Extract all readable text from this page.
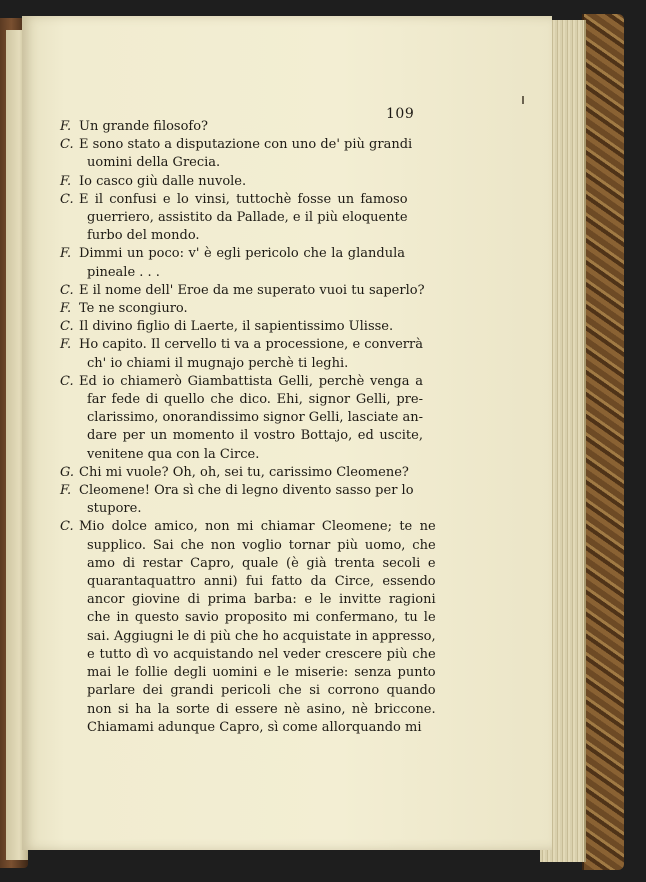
109
F. Un grande filosofo?
C. E sono stato a disputazione con uno de' più grandi
uomini della Grecia.
F. Io casco giù dalle nuvole.
C. E il confusi e lo vinsi, tuttochè fosse un famoso
guerriero, assistito da Pallade, e il più eloquente
furbo del mondo.
F. Dimmi un poco: v' è egli pericolo che la glandula
pineale . . .
C. E il nome dell' Eroe da me superato vuoi tu saperlo?
F. Te ne scongiuro.
C. Il divino figlio di Laerte, il sapientissimo Ulisse.
F. Ho capito. Il cervello ti va a processione, e converrà
ch' io chiami il mugnajo perchè ti leghi.
C. Ed io chiamerò Giambattista Gelli, perchè venga a
far fede di quello che dico. Ehi, signor Gelli, pre-
clarissimo, onorandissimo signor Gelli, lasciate an-
dare per un momento il vostro Bottajo, ed uscite,
venitene qua con la Circe.
G. Chi mi vuole? Oh, oh, sei tu, carissimo Cleomene?
F. Cleomene! Ora sì che di legno divento sasso per lo
stupore.
C. Mio dolce amico, non mi chiamar Cleomene; te ne
supplico. Sai che non voglio tornar più uomo, che
amo di restar Capro, quale (è già trenta secoli e
quarantaquattro anni) fui fatto da Circe, essendo
ancor giovine di prima barba: e le invitte ragioni
che in questo savio proposito mi confermano, tu le
sai. Aggiugni le di più che ho acquistate in appresso,
e tutto dì vo acquistando nel veder crescere più che
mai le follie degli uomini e le miserie: senza punto
parlare dei grandi pericoli che si corrono quando
non si ha la sorte di essere nè asino, nè briccone.
Chiamami adunque Capro, sì come allorquando mi
